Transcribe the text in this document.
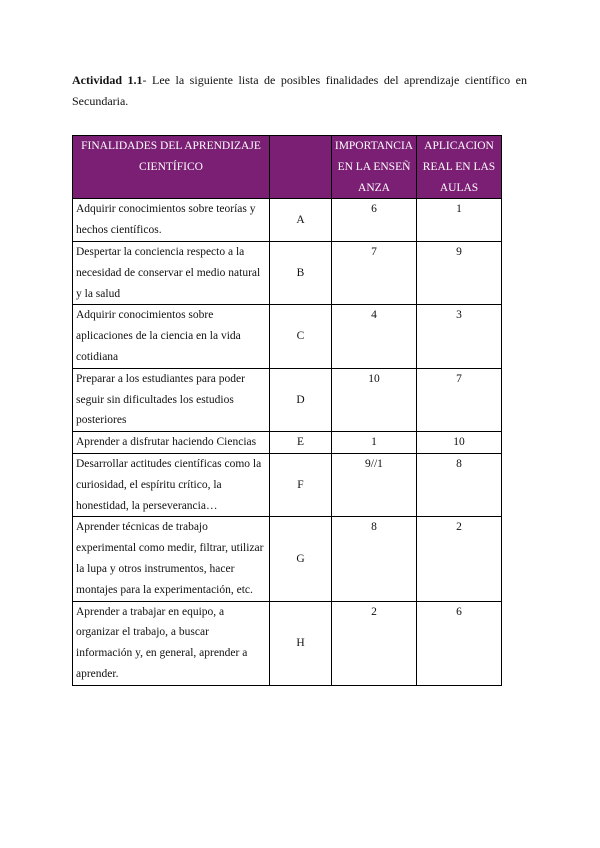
Actividad 1.1- Lee la siguiente lista de posibles finalidades del aprendizaje científico en Secundaria.
FINALIDADES DEL APRENDIZAJE CIENTÍFICO		IMPORTANCIA EN LA ENSEÑANZA	APLICACION REAL EN LAS AULAS
Adquirir conocimientos sobre teorías y hechos científicos.	A	6	1
Despertar la conciencia respecto a la necesidad de conservar el medio natural y la salud	B	7	9
Adquirir conocimientos sobre aplicaciones de la ciencia en la vida cotidiana	C	4	3
Preparar a los estudiantes para poder seguir sin dificultades los estudios posteriores	D	10	7
Aprender a disfrutar haciendo Ciencias	E	1	10
Desarrollar actitudes científicas como la curiosidad, el espíritu crítico, la honestidad, la perseverancia…	F	9//1	8
Aprender técnicas de trabajo experimental como medir, filtrar, utilizar la lupa y otros instrumentos, hacer montajes para la experimentación, etc.	G	8	2
Aprender a trabajar en equipo, a organizar el trabajo, a buscar información y, en general, aprender a aprender.	H	2	6
